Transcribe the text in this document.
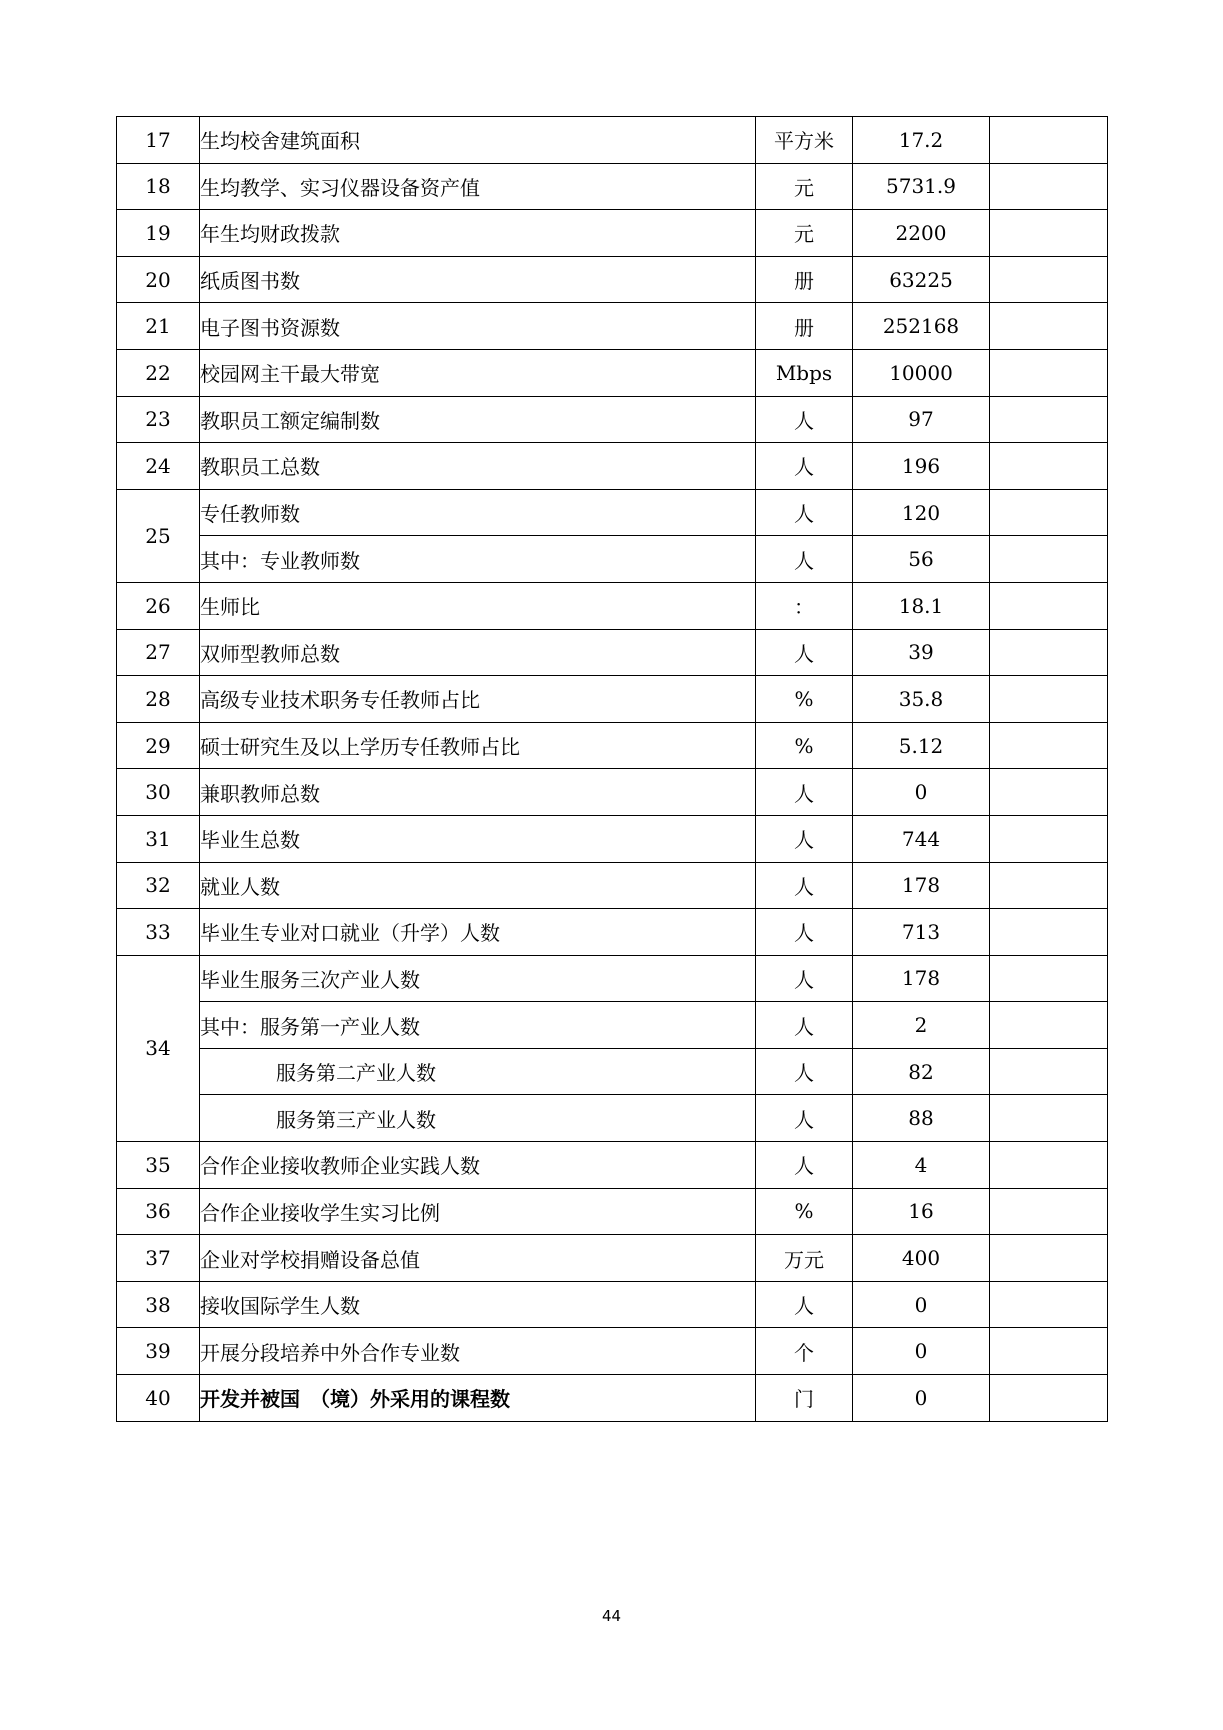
17	生均校舍建筑面积	平方米	17.2	
18	生均教学、实习仪器设备资产值	元	5731.9	
19	年生均财政拨款	元	2200	
20	纸质图书数	册	63225	
21	电子图书资源数	册	252168	
22	校园网主干最大带宽	Mbps	10000	
23	教职员工额定编制数	人	97	
24	教职员工总数	人	196	
25	专任教师数	人	120	
	其中：专业教师数	人	56	
26	生师比	：	18.1	
27	双师型教师总数	人	39	
28	高级专业技术职务专任教师占比	%	35.8	
29	硕士研究生及以上学历专任教师占比	%	5.12	
30	兼职教师总数	人	0	
31	毕业生总数	人	744	
32	就业人数	人	178	
33	毕业生专业对口就业（升学）人数	人	713	
34	毕业生服务三次产业人数	人	178	
	其中：服务第一产业人数	人	2	
	服务第二产业人数	人	82	
	服务第三产业人数	人	88	
35	合作企业接收教师企业实践人数	人	4	
36	合作企业接收学生实习比例	%	16	
37	企业对学校捐赠设备总值	万元	400	
38	接收国际学生人数	人	0	
39	开展分段培养中外合作专业数	个	0	
40	开发并被国　（境）外采用的课程数	门	0	
44
